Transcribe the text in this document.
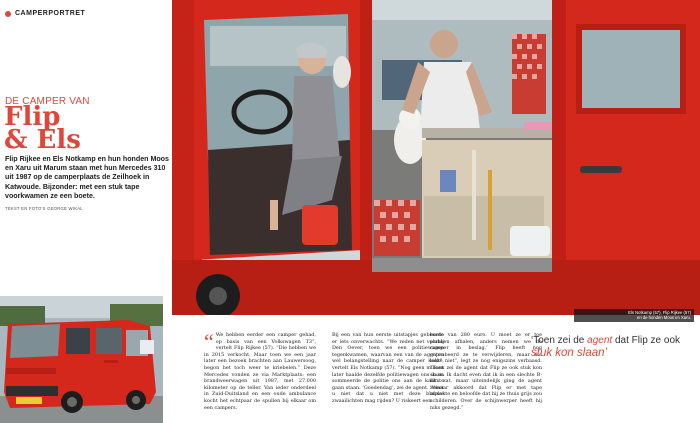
CAMPERPORTRET
DE CAMPER VAN
Flip
& Els
Flip Rijkee en Els Notkamp en hun honden Moos en Xaru uit Marum staan met hun Mercedes 310 uit 1987 op de camperplaats de Zeilhoek in Katwoude. Bijzonder: met een stuk tape voorkwamen ze een boete.
TEKST EN FOTO'S GEORGE WIKAL
Els Notkamp (57), Flip Rijkee (57)
en de honden Moos en Xaru.
“ We hebben eerder een camper gehad, op basis van een Volkswagen T3”, vertelt Flip Rijkee (57). “Die hebben we in 2015 verkocht. Maar toen we een jaar later een bezoek brachten aan Lauwersoog, begon het toch weer te kriebelen.” Deze Mercedes vonden ze via Marktplaats: een brandweerwagen uit 1987, met 27.000 kilometer op de teller. Van ieder onderdeel in Zuid-Duitsland en een oude ambulance kocht het echtpaar de spullen bij elkaar om een campers.
Bij een van hun eerste uitstapjes gebeurde er iets onverwachts. “We reden net voorbij Den Oever, toen we een politiewagen tegenkwamen, waarvan een van de agenten wel belangstelling naar de camper keek”, vertelt Els Notkamp (57). “Nog geen minuut later haalde dezelfde politiewagen ons in en sommeerde de politie ons aan de kant te gaan staan. ‘Goedendag’, zei de agent. ‘Weet u niet dat u niet met deze blauwe zwaailichten mag rijden? U riskeert een
boete van 280 euro. U moet ze er toe plakken afhalen, anders nemen we de camper in beslag.’ Flip heeft nog geprobeerd ze te verwijderen, maar dat lukte niet”, legt ze nog enigszins verbaasd. “Toen zei de agent dat Flip ze ook stuk kon slaan. Ik dacht even dat ik in een slechte B-film zat, maar uiteindelijk ging de agent zomaar akkoord dat Flip er met tape afplakte en beloofde dat hij ze thuis grijs zou schilderen. Over de schijnwerper heeft hij niks gezegd.”
‘Toen zei de agent dat Flip ze ook stuk kon slaan’
